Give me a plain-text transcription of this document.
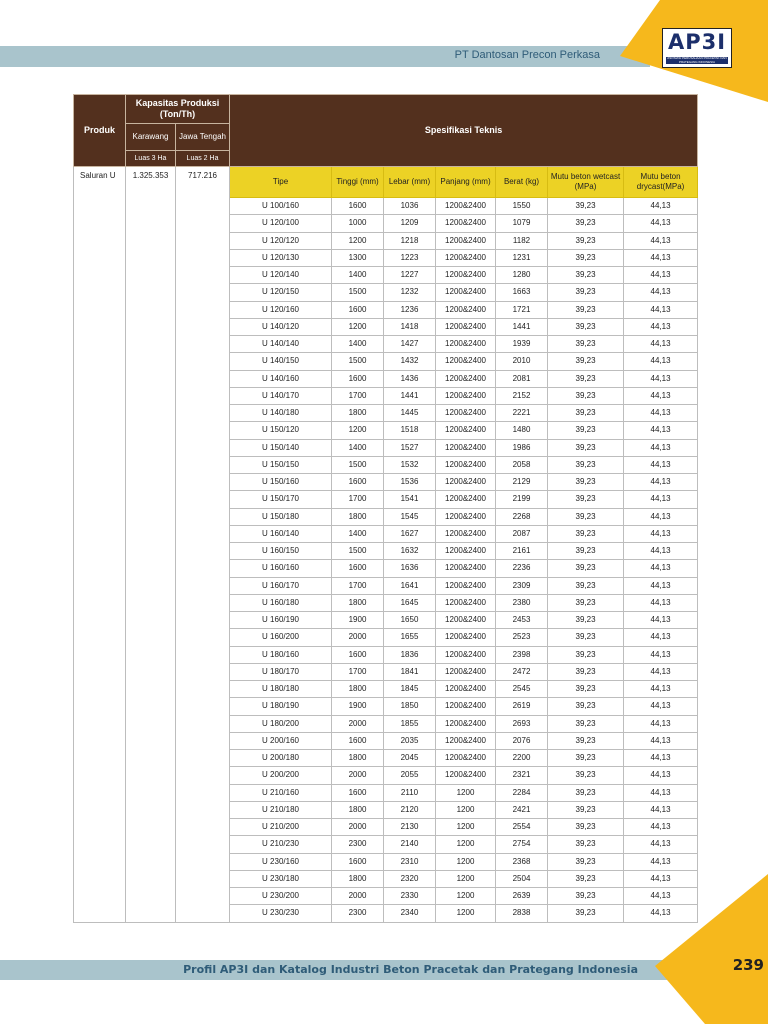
PT Dantosan Precon Perkasa
AP3I
ASOSIASI PERUSAHAAN PRACETAK DAN PRATEGANG INDONESIA
Produk	Kapasitas Produksi (Ton/Th)		Spesifikasi Teknis						
	Karawang	Jawa Tengah							
	Luas 3 Ha	Luas 2 Ha							
Saluran U	1.325.353	717.216	Tipe	Tinggi (mm)	Lebar (mm)	Panjang (mm)	Berat (kg)	Mutu beton wetcast (MPa)	Mutu beton drycast(MPa)
			U 100/160	1600	1036	1200&2400	1550	39,23	44,13
			U 120/100	1000	1209	1200&2400	1079	39,23	44,13
			U 120/120	1200	1218	1200&2400	1182	39,23	44,13
			U 120/130	1300	1223	1200&2400	1231	39,23	44,13
			U 120/140	1400	1227	1200&2400	1280	39,23	44,13
			U 120/150	1500	1232	1200&2400	1663	39,23	44,13
			U 120/160	1600	1236	1200&2400	1721	39,23	44,13
			U 140/120	1200	1418	1200&2400	1441	39,23	44,13
			U 140/140	1400	1427	1200&2400	1939	39,23	44,13
			U 140/150	1500	1432	1200&2400	2010	39,23	44,13
			U 140/160	1600	1436	1200&2400	2081	39,23	44,13
			U 140/170	1700	1441	1200&2400	2152	39,23	44,13
			U 140/180	1800	1445	1200&2400	2221	39,23	44,13
			U 150/120	1200	1518	1200&2400	1480	39,23	44,13
			U 150/140	1400	1527	1200&2400	1986	39,23	44,13
			U 150/150	1500	1532	1200&2400	2058	39,23	44,13
			U 150/160	1600	1536	1200&2400	2129	39,23	44,13
			U 150/170	1700	1541	1200&2400	2199	39,23	44,13
			U 150/180	1800	1545	1200&2400	2268	39,23	44,13
			U 160/140	1400	1627	1200&2400	2087	39,23	44,13
			U 160/150	1500	1632	1200&2400	2161	39,23	44,13
			U 160/160	1600	1636	1200&2400	2236	39,23	44,13
			U 160/170	1700	1641	1200&2400	2309	39,23	44,13
			U 160/180	1800	1645	1200&2400	2380	39,23	44,13
			U 160/190	1900	1650	1200&2400	2453	39,23	44,13
			U 160/200	2000	1655	1200&2400	2523	39,23	44,13
			U 180/160	1600	1836	1200&2400	2398	39,23	44,13
			U 180/170	1700	1841	1200&2400	2472	39,23	44,13
			U 180/180	1800	1845	1200&2400	2545	39,23	44,13
			U 180/190	1900	1850	1200&2400	2619	39,23	44,13
			U 180/200	2000	1855	1200&2400	2693	39,23	44,13
			U 200/160	1600	2035	1200&2400	2076	39,23	44,13
			U 200/180	1800	2045	1200&2400	2200	39,23	44,13
			U 200/200	2000	2055	1200&2400	2321	39,23	44,13
			U 210/160	1600	2110	1200	2284	39,23	44,13
			U 210/180	1800	2120	1200	2421	39,23	44,13
			U 210/200	2000	2130	1200	2554	39,23	44,13
			U 210/230	2300	2140	1200	2754	39,23	44,13
			U 230/160	1600	2310	1200	2368	39,23	44,13
			U 230/180	1800	2320	1200	2504	39,23	44,13
			U 230/200	2000	2330	1200	2639	39,23	44,13
			U 230/230	2300	2340	1200	2838	39,23	44,13
Profil AP3I dan Katalog Industri Beton Pracetak dan Prategang Indonesia	239
